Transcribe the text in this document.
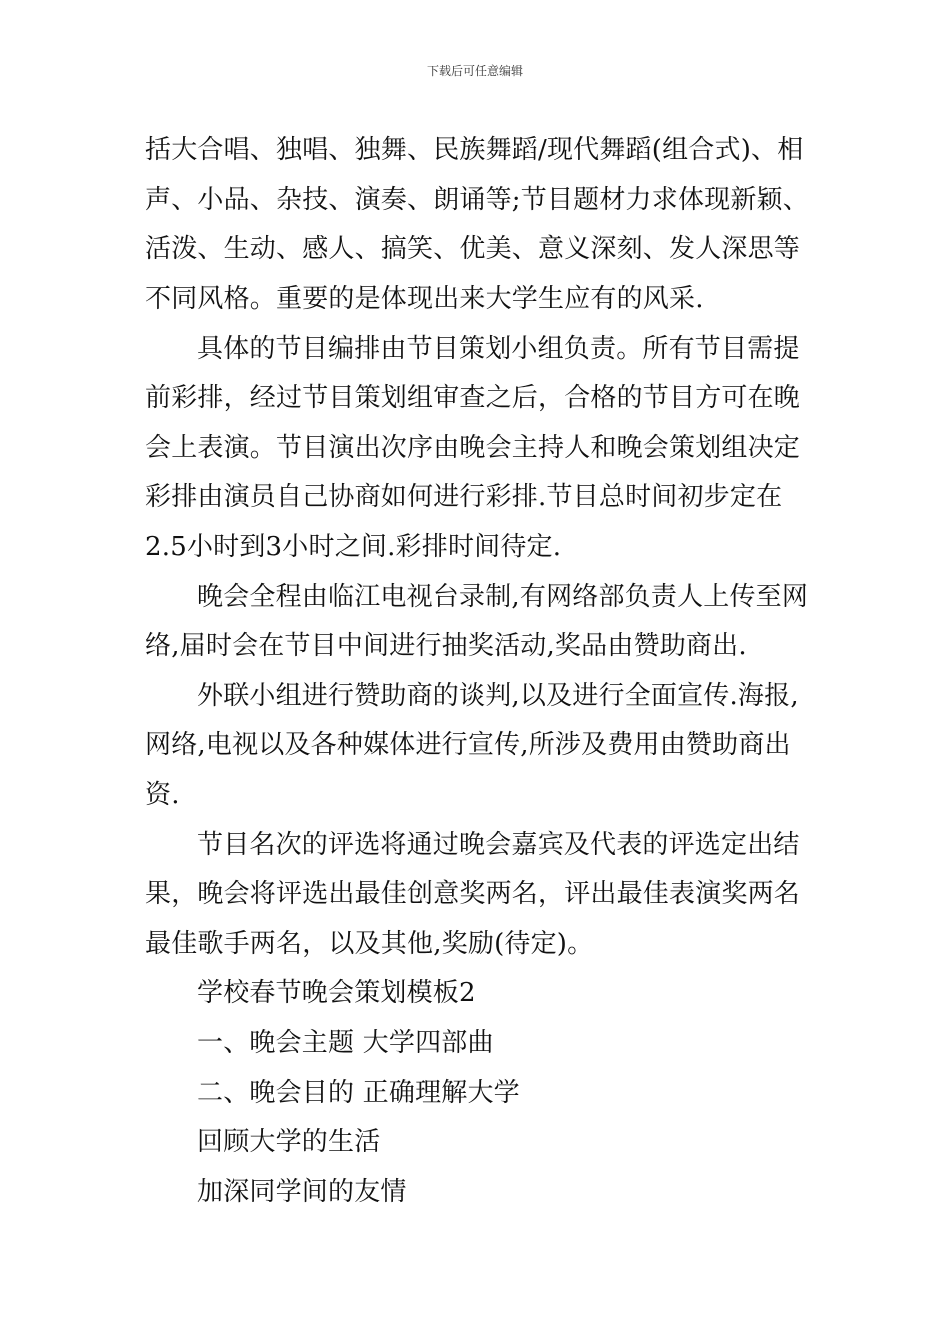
下载后可任意编辑
括大合唱、独唱、独舞、民族舞蹈/现代舞蹈(组合式)、相
声、小品、杂技、演奏、朗诵等;节目题材力求体现新颖、
活泼、生动、感人、搞笑、优美、意义深刻、发人深思等
不同风格。重要的是体现出来大学生应有的风采.
具体的节目编排由节目策划小组负责。所有节目需提
前彩排，经过节目策划组审查之后，合格的节目方可在晚
会上表演。节目演出次序由晚会主持人和晚会策划组决定
彩排由演员自己协商如何进行彩排.节目总时间初步定在
2.5小时到3小时之间.彩排时间待定.
晚会全程由临江电视台录制,有网络部负责人上传至网
络,届时会在节目中间进行抽奖活动,奖品由赞助商出.
外联小组进行赞助商的谈判,以及进行全面宣传.海报,
网络,电视以及各种媒体进行宣传,所涉及费用由赞助商出
资.
节目名次的评选将通过晚会嘉宾及代表的评选定出结
果，晚会将评选出最佳创意奖两名，评出最佳表演奖两名
最佳歌手两名，以及其他,奖励(待定)。
学校春节晚会策划模板2
一、晚会主题 大学四部曲
二、晚会目的 正确理解大学
回顾大学的生活
加深同学间的友情
